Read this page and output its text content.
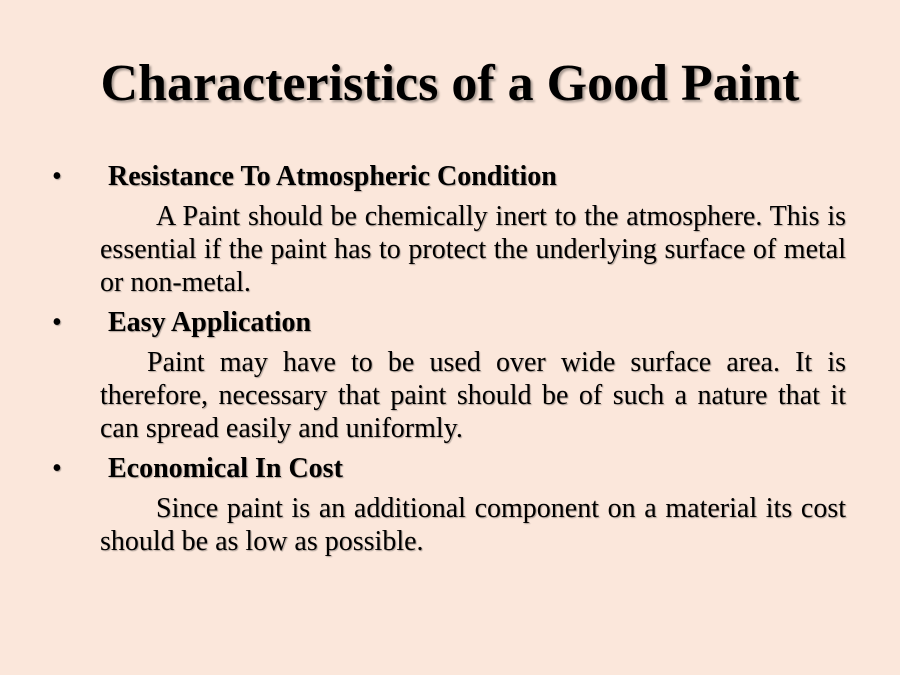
Characteristics of a Good Paint
• Resistance To Atmospheric Condition
A Paint should be chemically inert to the atmosphere. This is essential if the paint has to protect the underlying surface of metal or non-metal.
• Easy Application
Paint may have to be used over wide surface area. It is therefore, necessary that paint should be of such a nature that it can spread easily and uniformly.
• Economical In Cost
Since paint is an additional component on a material its cost should be as low as possible.
